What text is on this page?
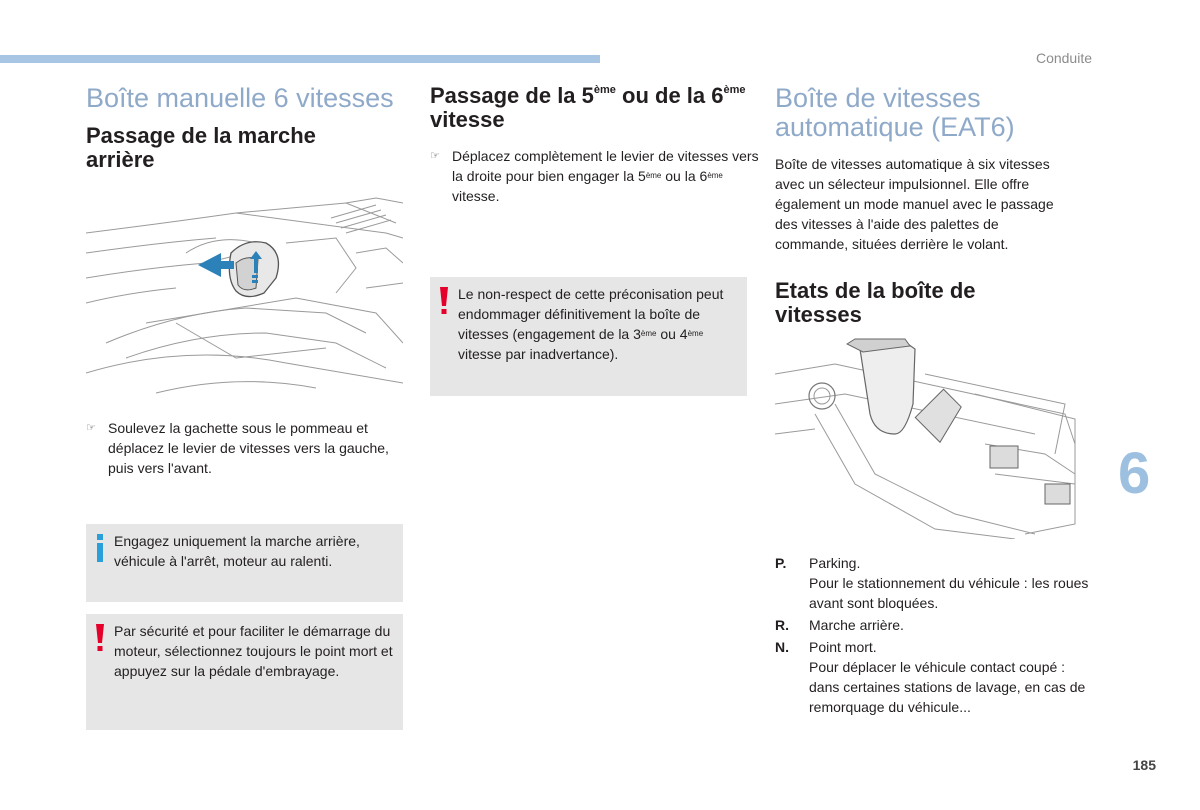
Conduite
Boîte manuelle 6 vitesses
Passage de la marche arrière
☞ Soulevez la gachette sous le pommeau et déplacez le levier de vitesses vers la gauche, puis vers l'avant.
Engagez uniquement la marche arrière, véhicule à l'arrêt, moteur au ralenti.
Par sécurité et pour faciliter le démarrage du moteur, sélectionnez toujours le point mort et appuyez sur la pédale d'embrayage.
Passage de la 5ème ou de la 6ème vitesse
☞ Déplacez complètement le levier de vitesses vers la droite pour bien engager la 5ème ou la 6ème vitesse.
Le non-respect de cette préconisation peut endommager définitivement la boîte de vitesses (engagement de la 3ème ou 4ème vitesse par inadvertance).
Boîte de vitesses automatique (EAT6)

Boîte de vitesses automatique à six vitesses avec un sélecteur impulsionnel. Elle offre également un mode manuel avec le passage des vitesses à l'aide des palettes de commande, situées derrière le volant.

Etats de la boîte de vitesses
P. Parking.
Pour le stationnement du véhicule : les roues avant sont bloquées.
R. Marche arrière.
N. Point mort.
Pour déplacer le véhicule contact coupé : dans certaines stations de lavage, en cas de remorquage du véhicule...
6
185
